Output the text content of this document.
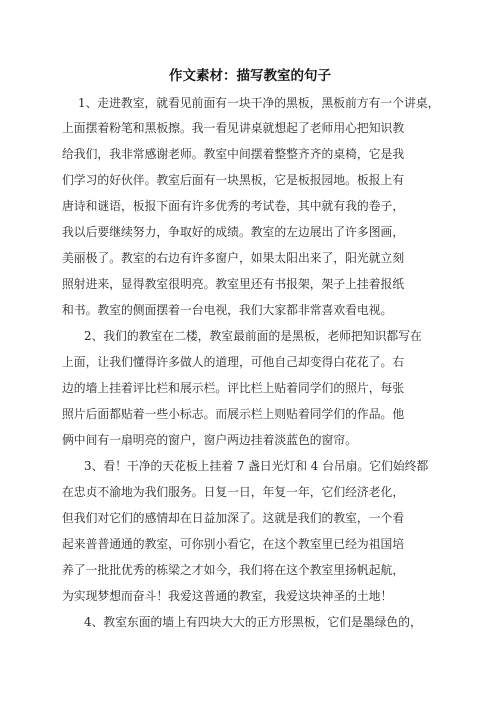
作文素材：描写教室的句子
1、走进教室，就看见前面有一块干净的黑板，黑板前方有一个讲桌，
上面摆着粉笔和黑板擦。我一看见讲桌就想起了老师用心把知识教
给我们，我非常感谢老师。教室中间摆着整整齐齐的桌椅，它是我
们学习的好伙伴。教室后面有一块黑板，它是板报园地。板报上有
唐诗和谜语，板报下面有许多优秀的考试卷，其中就有我的卷子，
我以后要继续努力，争取好的成绩。教室的左边展出了许多图画，
美丽极了。教室的右边有许多窗户，如果太阳出来了，阳光就立刻
照射进来，显得教室很明亮。教室里还有书报架，架子上挂着报纸
和书。教室的侧面摆着一台电视，我们大家都非常喜欢看电视。
2、我们的教室在二楼，教室最前面的是黑板，老师把知识都写在
上面，让我们懂得许多做人的道理，可他自己却变得白花花了。右
边的墙上挂着评比栏和展示栏。评比栏上贴着同学们的照片，每张
照片后面都贴着一些小标志。而展示栏上则贴着同学们的作品。他
俩中间有一扇明亮的窗户，窗户两边挂着淡蓝色的窗帘。
3、看！干净的天花板上挂着 7 盏日光灯和 4 台吊扇。它们始终都
在忠贞不渝地为我们服务。日复一日，年复一年，它们经济老化，
但我们对它们的感情却在日益加深了。这就是我们的教室，一个看
起来普普通通的教室，可你别小看它，在这个教室里已经为祖国培
养了一批批优秀的栋梁之才如今，我们将在这个教室里扬帆起航，
为实现梦想而奋斗！我爱这普通的教室，我爱这块神圣的土地！
4、教室东面的墙上有四块大大的正方形黑板，它们是墨绿色的，
